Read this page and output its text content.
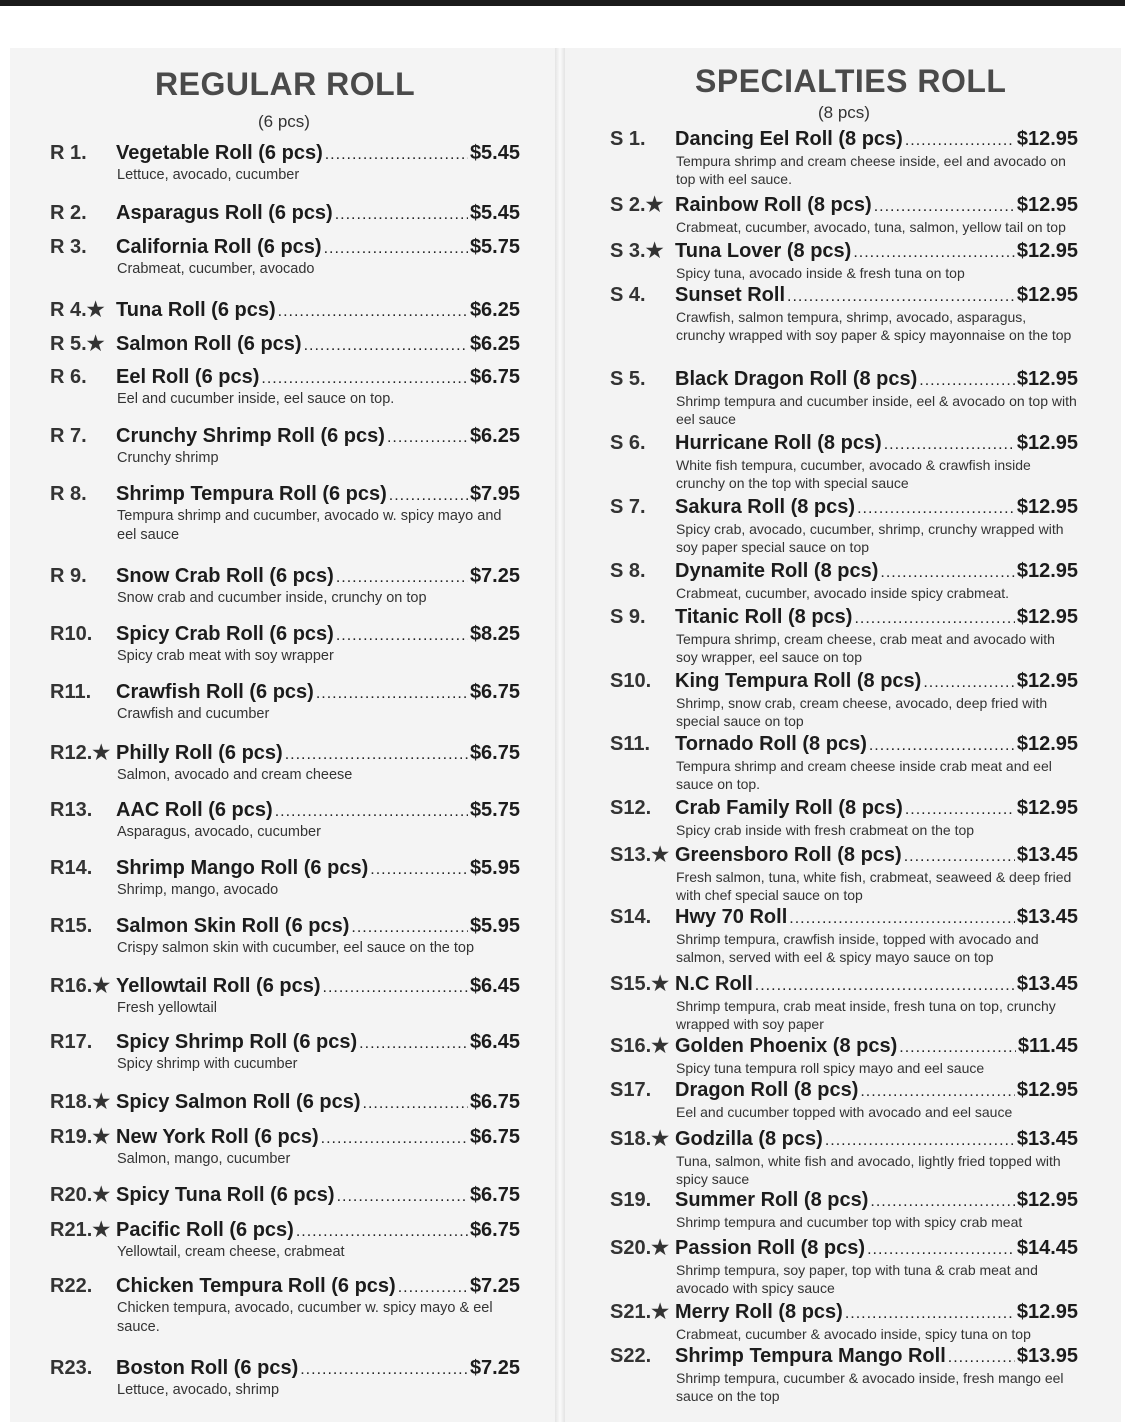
REGULAR ROLL
(6 pcs)
SPECIALTIES ROLL
(8 pcs)
R 1.	Vegetable Roll (6 pcs) .....	$5.45
Lettuce, avocado, cucumber
R 2.	Asparagus Roll (6 pcs) .....	$5.45
R 3.	California Roll (6 pcs) .....	$5.75
Crabmeat, cucumber, avocado
R 4.★ Tuna Roll (6 pcs) .....	$6.25
R 5.★ Salmon Roll (6 pcs) .....	$6.25
R 6.	Eel Roll (6 pcs) .....	$6.75
Eel and cucumber inside, eel sauce on top.
R 7.	Crunchy Shrimp Roll (6 pcs) .....	$6.25
Crunchy shrimp
R 8.	Shrimp Tempura Roll (6 pcs) .....	$7.95
Tempura shrimp and cucumber, avocado w. spicy mayo and eel sauce
R 9.	Snow Crab Roll (6 pcs) .....	$7.25
Snow crab and cucumber inside, crunchy on top
R10.	Spicy Crab Roll (6 pcs) .....	$8.25
Spicy crab meat with soy wrapper
R11.	Crawfish Roll (6 pcs) .....	$6.75
Crawfish and cucumber
R12.★ Philly Roll (6 pcs) .....	$6.75
Salmon, avocado and cream cheese
R13.	AAC Roll (6 pcs) .....	$5.75
Asparagus, avocado, cucumber
R14.	Shrimp Mango Roll (6 pcs) .....	$5.95
Shrimp, mango, avocado
R15.	Salmon Skin Roll (6 pcs) .....	$5.95
Crispy salmon skin with cucumber, eel sauce on the top
R16.★ Yellowtail Roll (6 pcs) .....	$6.45
Fresh yellowtail
R17.	Spicy Shrimp Roll (6 pcs) .....	$6.45
Spicy shrimp with cucumber
R18.★ Spicy Salmon Roll (6 pcs) .....	$6.75
R19.★ New York Roll (6 pcs) .....	$6.75
Salmon, mango, cucumber
R20.★ Spicy Tuna Roll (6 pcs) .....	$6.75
R21.★ Pacific Roll (6 pcs) .....	$6.75
Yellowtail, cream cheese, crabmeat
R22.	Chicken Tempura Roll (6 pcs) .....	$7.25
Chicken tempura, avocado, cucumber w. spicy mayo & eel sauce.
R23.	Boston Roll (6 pcs) .....	$7.25
Lettuce, avocado, shrimp
S 1.	Dancing Eel Roll (8 pcs) .....	$12.95
Tempura shrimp and cream cheese inside, eel and avocado on top with eel sauce.
S 2.★ Rainbow Roll (8 pcs) .....	$12.95
Crabmeat, cucumber, avocado, tuna, salmon, yellow tail on top
S 3.★ Tuna Lover (8 pcs) .....	$12.95
Spicy tuna, avocado inside & fresh tuna on top
S 4.	Sunset Roll .....	$12.95
Crawfish, salmon tempura, shrimp, avocado, asparagus, crunchy wrapped with soy paper & spicy mayonnaise on the top
S 5.	Black Dragon Roll (8 pcs) .....	$12.95
Shrimp tempura and cucumber inside, eel & avocado on top with eel sauce
S 6.	Hurricane Roll (8 pcs) .....	$12.95
White fish tempura, cucumber, avocado & crawfish inside crunchy on the top with special sauce
S 7.	Sakura Roll (8 pcs) .....	$12.95
Spicy crab, avocado, cucumber, shrimp, crunchy wrapped with soy paper special sauce on top
S 8.	Dynamite Roll (8 pcs) .....	$12.95
Crabmeat, cucumber, avocado inside spicy crabmeat.
S 9.	Titanic Roll (8 pcs) .....	$12.95
Tempura shrimp, cream cheese, crab meat and avocado with soy wrapper, eel sauce on top
S10.	King Tempura Roll (8 pcs) .....	$12.95
Shrimp, snow crab, cream cheese, avocado, deep fried with special sauce on top
S11.	Tornado Roll (8 pcs) .....	$12.95
Tempura shrimp and cream cheese inside crab meat and eel sauce on top.
S12.	Crab Family Roll (8 pcs) .....	$12.95
Spicy crab inside with fresh crabmeat on the top
S13.★ Greensboro Roll (8 pcs) .....	$13.45
Fresh salmon, tuna, white fish, crabmeat, seaweed & deep fried with chef special sauce on top
S14.	Hwy 70 Roll .....	$13.45
Shrimp tempura, crawfish inside, topped with avocado and salmon, served with eel & spicy mayo sauce on top
S15.★ N.C Roll .....	$13.45
Shrimp tempura, crab meat inside, fresh tuna on top, crunchy wrapped with soy paper
S16.★ Golden Phoenix (8 pcs) .....	$11.45
Spicy tuna tempura roll spicy mayo and eel sauce
S17.	Dragon Roll (8 pcs) .....	$12.95
Eel and cucumber topped with avocado and eel sauce
S18.★ Godzilla (8 pcs) .....	$13.45
Tuna, salmon, white fish and avocado, lightly fried topped with spicy sauce
S19.	Summer Roll (8 pcs) .....	$12.95
Shrimp tempura and cucumber top with spicy crab meat
S20.★ Passion Roll (8 pcs) .....	$14.45
Shrimp tempura, soy paper, top with tuna & crab meat and avocado with spicy sauce
S21.★ Merry Roll (8 pcs) .....	$12.95
Crabmeat, cucumber & avocado inside, spicy tuna on top
S22.	Shrimp Tempura Mango Roll .....	$13.95
Shrimp tempura, cucumber & avocado inside, fresh mango eel sauce on the top
